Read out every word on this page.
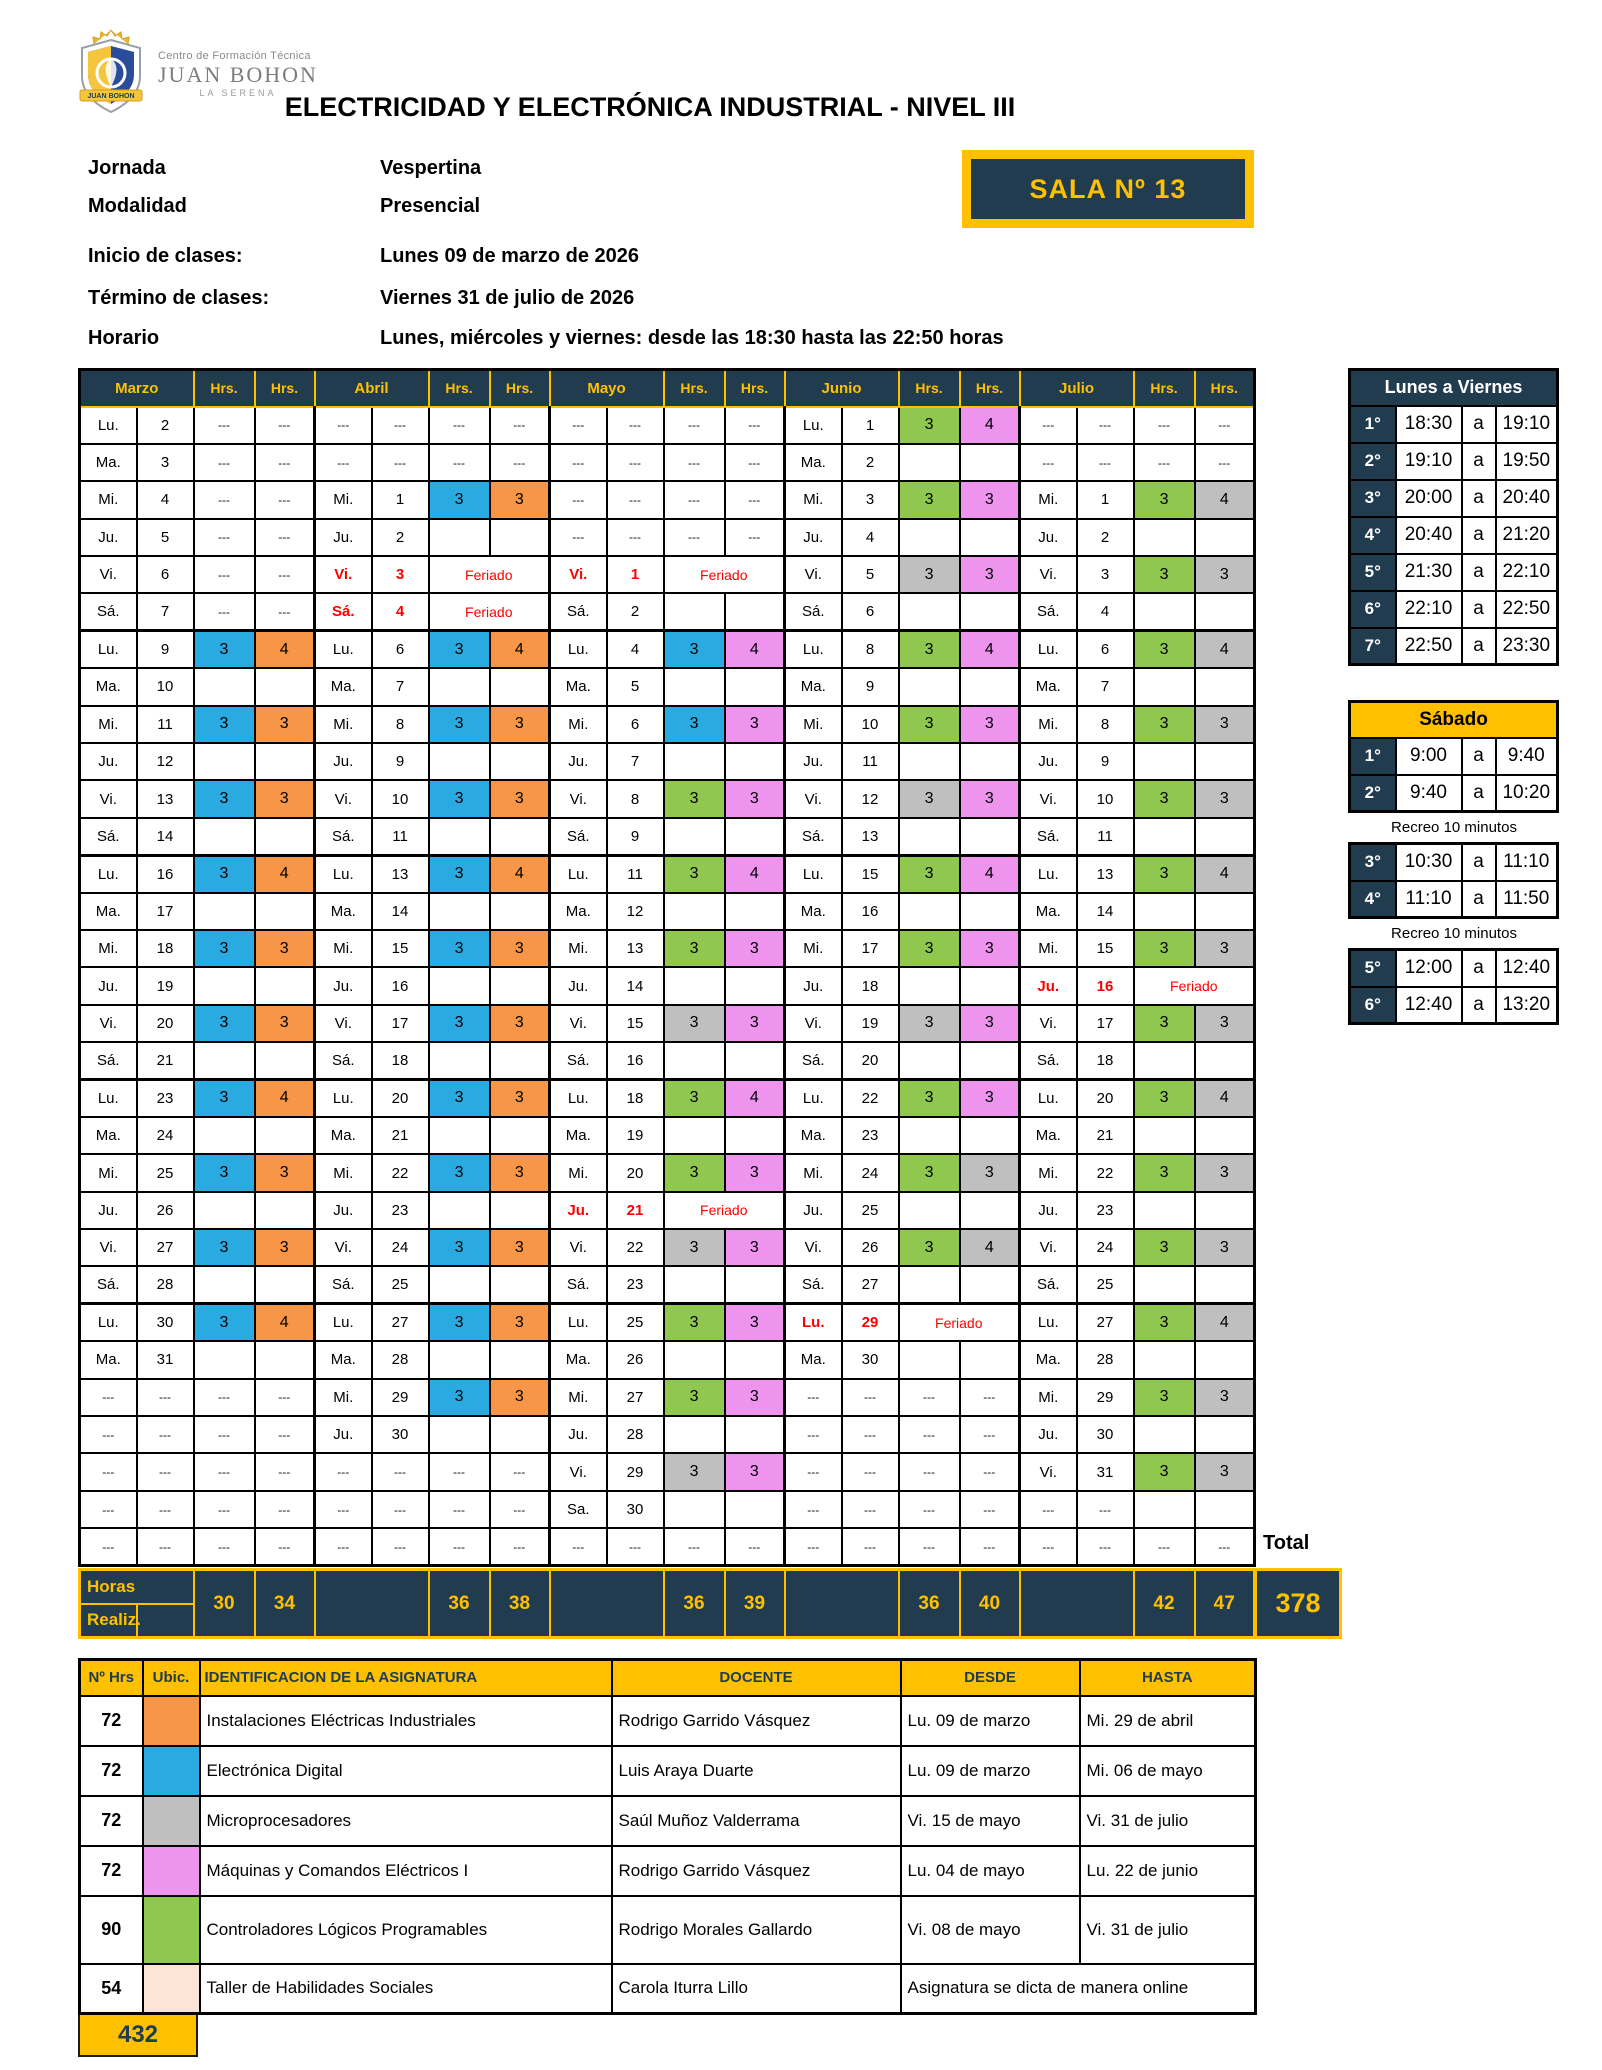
JUAN BOHON
Centro de Formación Técnica
JUAN BOHON
LA SERENA ELECTRICIDAD Y ELECTRÓNICA INDUSTRIAL - NIVEL III
Jornada	Vespertina
Modalidad	Presencial
Inicio de clases:	Lunes 09 de marzo de 2026
Término de clases:	Viernes 31 de julio de 2026
Horario	Lunes, miércoles y viernes: desde las 18:30 hasta las 22:50 horas
SALA Nº 13
Marzo		Hrs.	Hrs.	Abril		Hrs.	Hrs.	Mayo		Hrs.	Hrs.	Junio		Hrs.	Hrs.	Julio		Hrs.	Hrs.
Lu.	2	---	---	---	---	---	---	---	---	---	---	Lu.	1	3	4	---	---	---	---
Ma.	3	---	---	---	---	---	---	---	---	---	---	Ma.	2			---	---	---	---
Mi.	4	---	---	Mi.	1	3	3	---	---	---	---	Mi.	3	3	3	Mi.	1	3	4
Ju.	5	---	---	Ju.	2			---	---	---	---	Ju.	4			Ju.	2		
Vi.	6	---	---	Vi.	3	Feriado		Vi.	1	Feriado		Vi.	5	3	3	Vi.	3	3	3
Sá.	7	---	---	Sá.	4	Feriado		Sá.	2			Sá.	6			Sá.	4		
Lu.	9	3	4	Lu.	6	3	4	Lu.	4	3	4	Lu.	8	3	4	Lu.	6	3	4
Ma.	10			Ma.	7			Ma.	5			Ma.	9			Ma.	7		
Mi.	11	3	3	Mi.	8	3	3	Mi.	6	3	3	Mi.	10	3	3	Mi.	8	3	3
Ju.	12			Ju.	9			Ju.	7			Ju.	11			Ju.	9		
Vi.	13	3	3	Vi.	10	3	3	Vi.	8	3	3	Vi.	12	3	3	Vi.	10	3	3
Sá.	14			Sá.	11			Sá.	9			Sá.	13			Sá.	11		
Lu.	16	3	4	Lu.	13	3	4	Lu.	11	3	4	Lu.	15	3	4	Lu.	13	3	4
Ma.	17			Ma.	14			Ma.	12			Ma.	16			Ma.	14		
Mi.	18	3	3	Mi.	15	3	3	Mi.	13	3	3	Mi.	17	3	3	Mi.	15	3	3
Ju.	19			Ju.	16			Ju.	14			Ju.	18			Ju.	16	Feriado	
Vi.	20	3	3	Vi.	17	3	3	Vi.	15	3	3	Vi.	19	3	3	Vi.	17	3	3
Sá.	21			Sá.	18			Sá.	16			Sá.	20			Sá.	18		
Lu.	23	3	4	Lu.	20	3	3	Lu.	18	3	4	Lu.	22	3	3	Lu.	20	3	4
Ma.	24			Ma.	21			Ma.	19			Ma.	23			Ma.	21		
Mi.	25	3	3	Mi.	22	3	3	Mi.	20	3	3	Mi.	24	3	3	Mi.	22	3	3
Ju.	26			Ju.	23			Ju.	21	Feriado		Ju.	25			Ju.	23		
Vi.	27	3	3	Vi.	24	3	3	Vi.	22	3	3	Vi.	26	3	4	Vi.	24	3	3
Sá.	28			Sá.	25			Sá.	23			Sá.	27			Sá.	25		
Lu.	30	3	4	Lu.	27	3	3	Lu.	25	3	3	Lu.	29	Feriado		Lu.	27	3	4
Ma.	31			Ma.	28			Ma.	26			Ma.	30			Ma.	28		
---	---	---	---	Mi.	29	3	3	Mi.	27	3	3	---	---	---	---	Mi.	29	3	3
---	---	---	---	Ju.	30			Ju.	28			---	---	---	---	Ju.	30		
---	---	---	---	---	---	---	---	Vi.	29	3	3	---	---	---	---	Vi.	31	3	3
---	---	---	---	---	---	---	---	Sa.	30			---	---	---	---	---	---		
---	---	---	---	---	---	---	---	---	---	---	---	---	---	---	---	---	---	---	--- Total
Horas		30	34		36	38		36	39		36	40		42	47
Realiz.															
378
Lunes a Viernes			
1°	18:30	a	19:10
2°	19:10	a	19:50
3°	20:00	a	20:40
4°	20:40	a	21:20
5°	21:30	a	22:10
6°	22:10	a	22:50
7°	22:50	a	23:30
Sábado			
1°	9:00	a	9:40
2°	9:40	a	10:20
Recreo 10 minutos
3°	10:30	a	11:10
4°	11:10	a	11:50
Recreo 10 minutos
5°	12:00	a	12:40
6°	12:40	a	13:20
Nº Hrs	Ubic.	IDENTIFICACION DE LA ASIGNATURA	DOCENTE	DESDE	HASTA
72		Instalaciones Eléctricas Industriales	Rodrigo Garrido Vásquez	Lu. 09 de marzo	Mi. 29 de abril
72		Electrónica Digital	Luis Araya Duarte	Lu. 09 de marzo	Mi. 06 de mayo
72		Microprocesadores	Saúl Muñoz Valderrama	Vi. 15 de mayo	Vi. 31 de julio
72		Máquinas y Comandos Eléctricos I	Rodrigo Garrido Vásquez	Lu. 04 de mayo	Lu. 22 de junio
90		Controladores Lógicos Programables	Rodrigo Morales Gallardo	Vi. 08 de mayo	Vi. 31 de julio
54		Taller de Habilidades Sociales	Carola Iturra Lillo	Asignatura se dicta de manera online	
432
